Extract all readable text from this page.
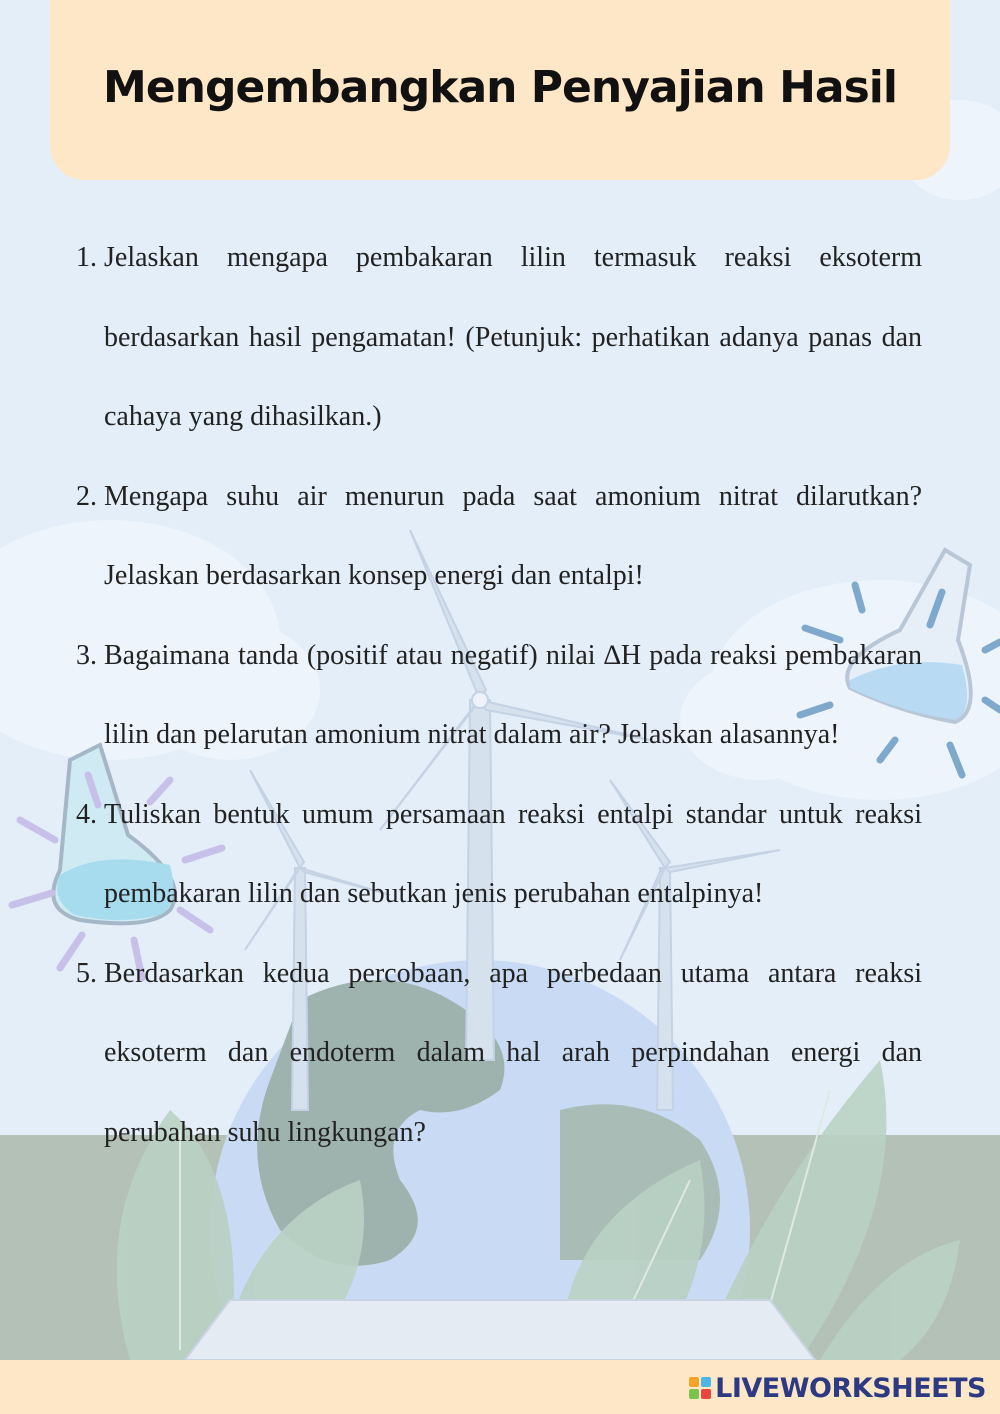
Mengembangkan Penyajian Hasil
1. Jelaskan mengapa pembakaran lilin termasuk reaksi eksoterm berdasarkan hasil pengamatan! (Petunjuk: perhatikan adanya panas dan cahaya yang dihasilkan.)
2. Mengapa suhu air menurun pada saat amonium nitrat dilarutkan? Jelaskan berdasarkan konsep energi dan entalpi!
3. Bagaimana tanda (positif atau negatif) nilai ∆H pada reaksi pembakaran lilin dan pelarutan amonium nitrat dalam air? Jelaskan alasannya!
4. Tuliskan bentuk umum persamaan reaksi entalpi standar untuk reaksi pembakaran lilin dan sebutkan jenis perubahan entalpinya!
5. Berdasarkan kedua percobaan, apa perbedaan utama antara reaksi eksoterm dan endoterm dalam hal arah perpindahan energi dan perubahan suhu lingkungan?
LIVEWORKSHEETS
